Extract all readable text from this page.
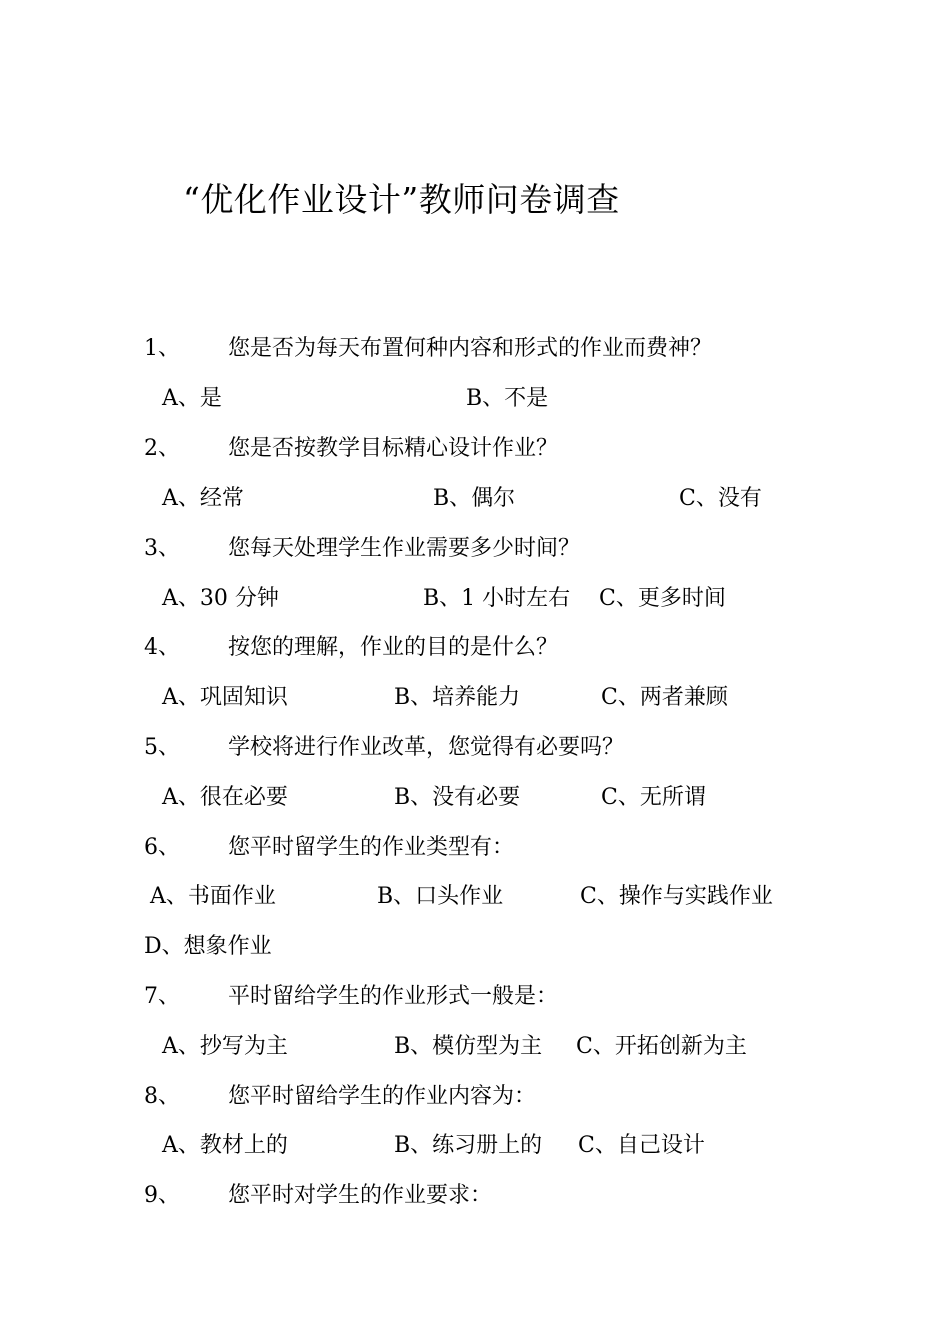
“优化作业设计”教师问卷调查
1、 您是否为每天布置何种内容和形式的作业而费神？
A、是	B、不是
2、 您是否按教学目标精心设计作业？
A、经常	B、偶尔	C、没有
3、 您每天处理学生作业需要多少时间？
A、30 分钟	B、1 小时左右 C、更多时间
4、 按您的理解，作业的目的是什么？
A、巩固知识	B、培养能力	C、两者兼顾
5、 学校将进行作业改革，您觉得有必要吗？
A、很在必要	B、没有必要	C、无所谓
6、 您平时留学生的作业类型有：
A、书面作业	B、口头作业	C、操作与实践作业
D、想象作业
7、 平时留给学生的作业形式一般是：
A、抄写为主	B、模仿型为主 C、开拓创新为主
8、 您平时留给学生的作业内容为：
A、教材上的	B、练习册上的 C、自己设计
9、 您平时对学生的作业要求：
